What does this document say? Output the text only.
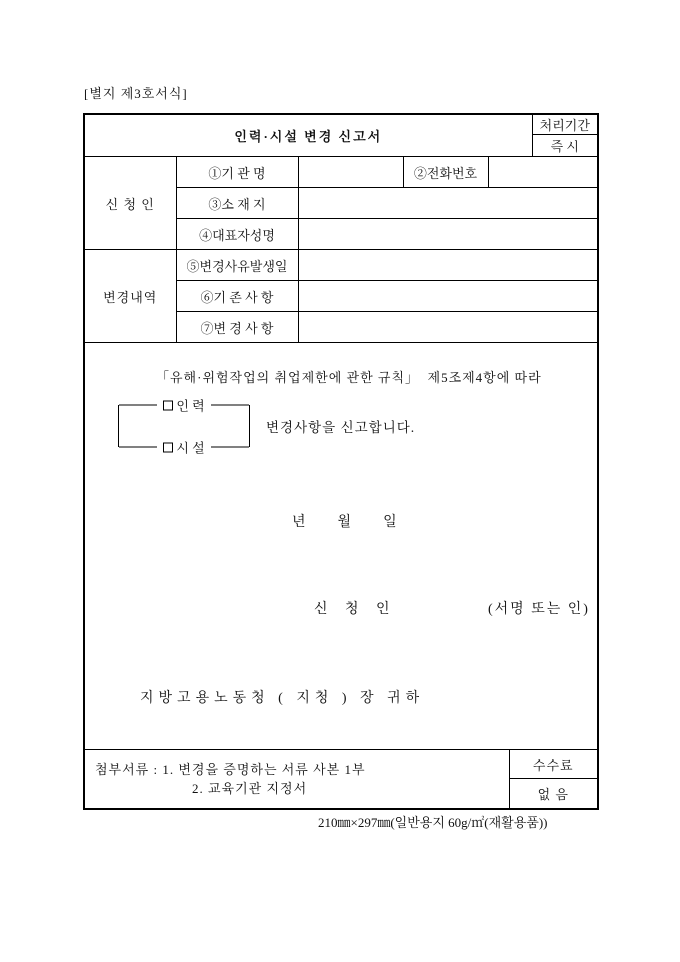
[별지 제3호서식]
인력·시설 변경 신고서						처리기간
						즉 시
신 청 인	①기 관 명		②전화번호			
	③소 재 지					
	④대표자성명					
변경내역	⑤변경사유발생일					
	⑥기 존 사 항					
	⑦변 경 사 항					

「유해·위험작업의 취업제한에 관한 규칙」  제5조제4항에 따라
인 력
시 설
변경사항을 신고합니다.
년 월 일
신 청 인	(서명 또는 인)
지방고용노동청 ( 지청 ) 장 귀하

첨부서류 : 1. 변경을 증명하는 서류 사본 1부
2. 교육기관 지정서					수수료	
					없 음	
210㎜×297㎜(일반용지 60g/㎡(재활용품))
